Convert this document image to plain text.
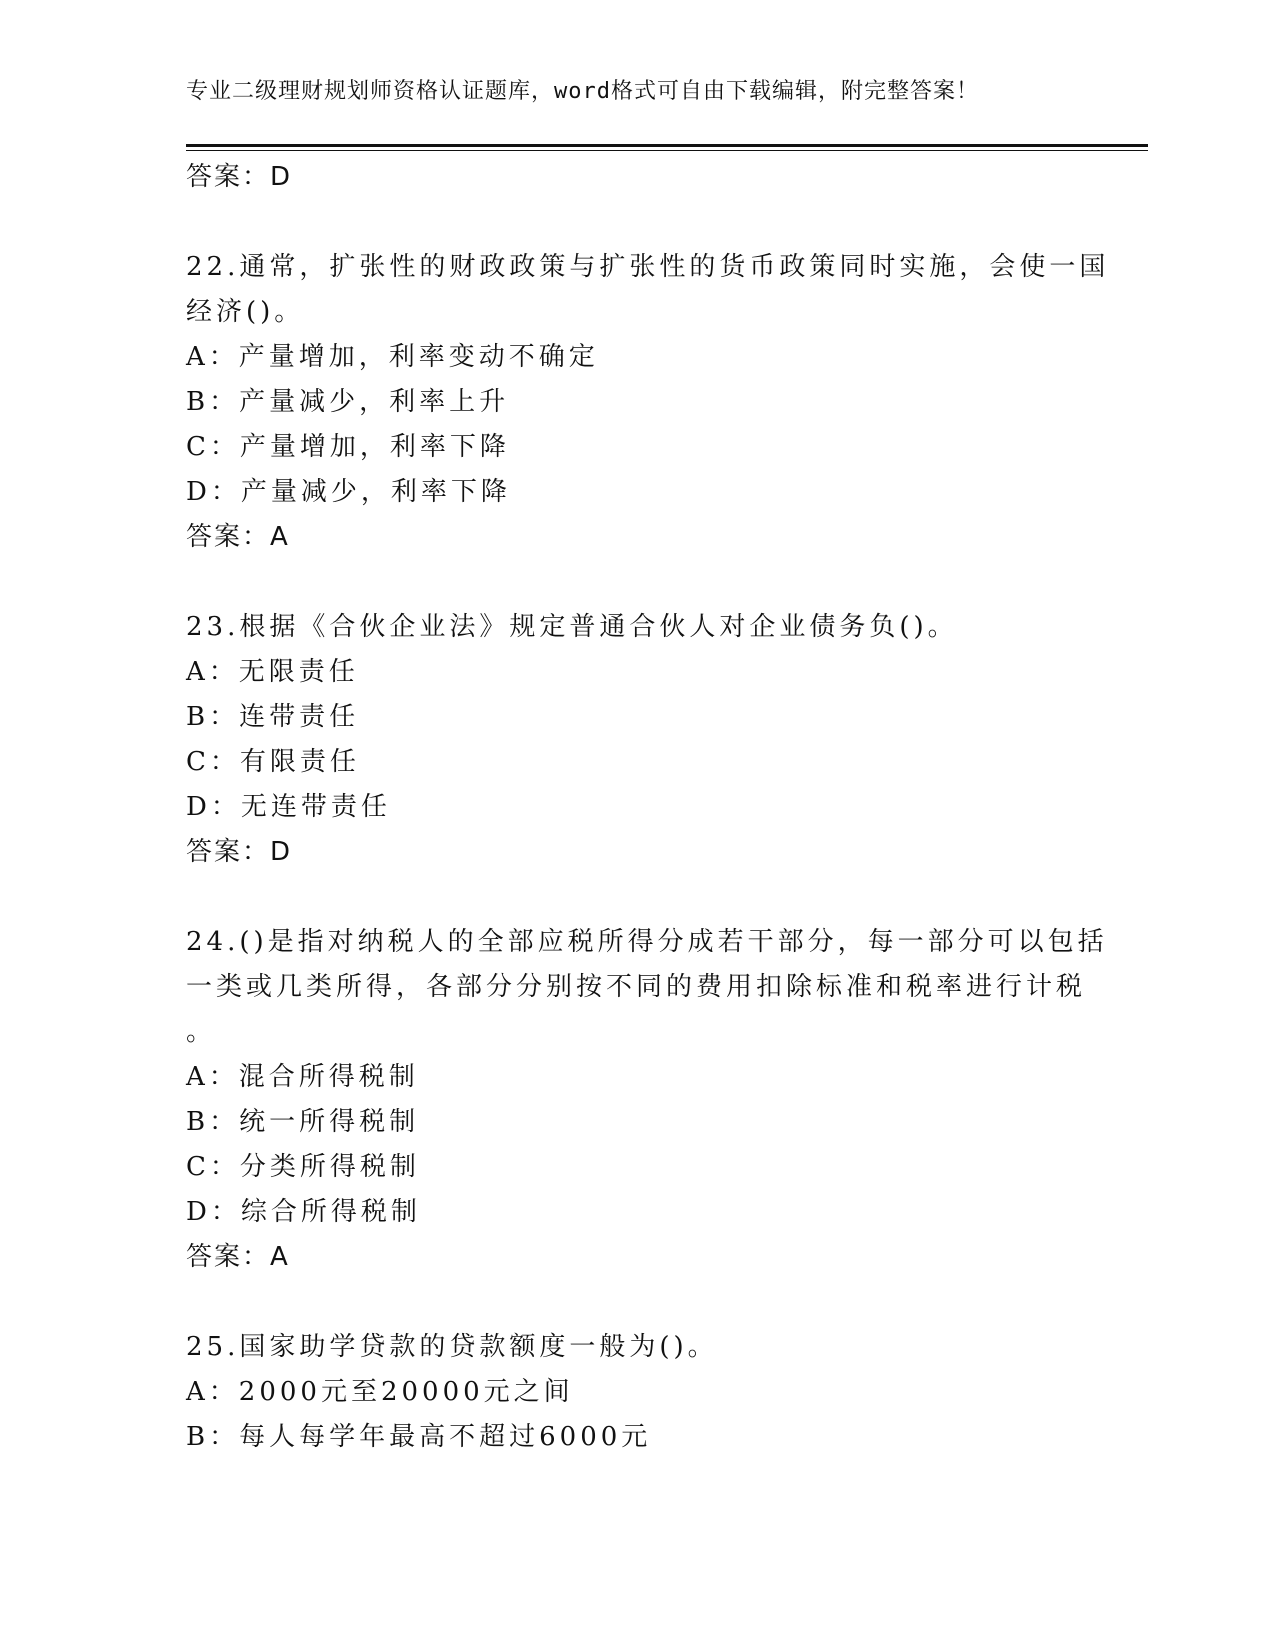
专业二级理财规划师资格认证题库，word格式可自由下载编辑，附完整答案！
答案：D
22.通常，扩张性的财政政策与扩张性的货币政策同时实施，会使一国
经济()。
A：产量增加，利率变动不确定
B：产量减少，利率上升
C：产量增加，利率下降
D：产量减少，利率下降
答案：A
23.根据《合伙企业法》规定普通合伙人对企业债务负()。
A：无限责任
B：连带责任
C：有限责任
D：无连带责任
答案：D
24.()是指对纳税人的全部应税所得分成若干部分，每一部分可以包括
一类或几类所得，各部分分别按不同的费用扣除标准和税率进行计税
。
A：混合所得税制
B：统一所得税制
C：分类所得税制
D：综合所得税制
答案：A
25.国家助学贷款的贷款额度一般为()。
A：2000元至20000元之间
B：每人每学年最高不超过6000元
